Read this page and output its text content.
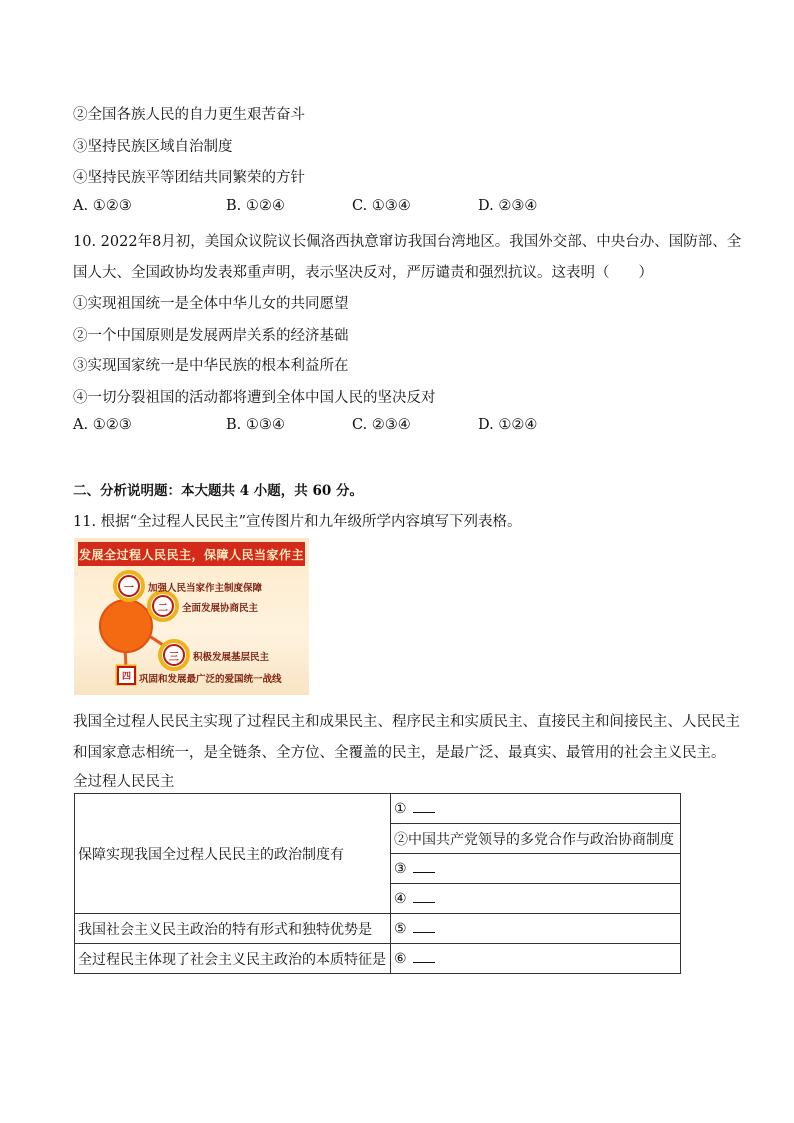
②全国各族人民的自力更生艰苦奋斗
③坚持民族区域自治制度
④坚持民族平等团结共同繁荣的方针
A. ①②③	B. ①②④	C. ①③④	D. ②③④
10. 2022年8月初，美国众议院议长佩洛西执意窜访我国台湾地区。我国外交部、中央台办、国防部、全
国人大、全国政协均发表郑重声明，表示坚决反对，严厉谴责和强烈抗议。这表明（　　）
①实现祖国统一是全体中华儿女的共同愿望
②一个中国原则是发展两岸关系的经济基础
③实现国家统一是中华民族的根本利益所在
④一切分裂祖国的活动都将遭到全体中国人民的坚决反对
A. ①②③	B. ①③④	C. ②③④	D. ①②④
二、分析说明题：本大题共 4 小题，共 60 分。
11. 根据“全过程人民民主”宣传图片和九年级所学内容填写下列表格。
发展全过程人民民主，保障人民当家作主
一	加强人民当家作主制度保障
二	全面发展协商民主
三	积极发展基层民主
四 巩固和发展最广泛的爱国统一战线
我国全过程人民民主实现了过程民主和成果民主、程序民主和实质民主、直接民主和间接民主、人民民主
和国家意志相统一，是全链条、全方位、全覆盖的民主，是最广泛、最真实、最管用的社会主义民主。
全过程人民民主
保障实现我国全过程人民民主的政治制度有	①
	②中国共产党领导的多党合作与政治协商制度
	③
	④
我国社会主义民主政治的特有形式和独特优势是	⑤
全过程民主体现了社会主义民主政治的本质特征是	⑥
